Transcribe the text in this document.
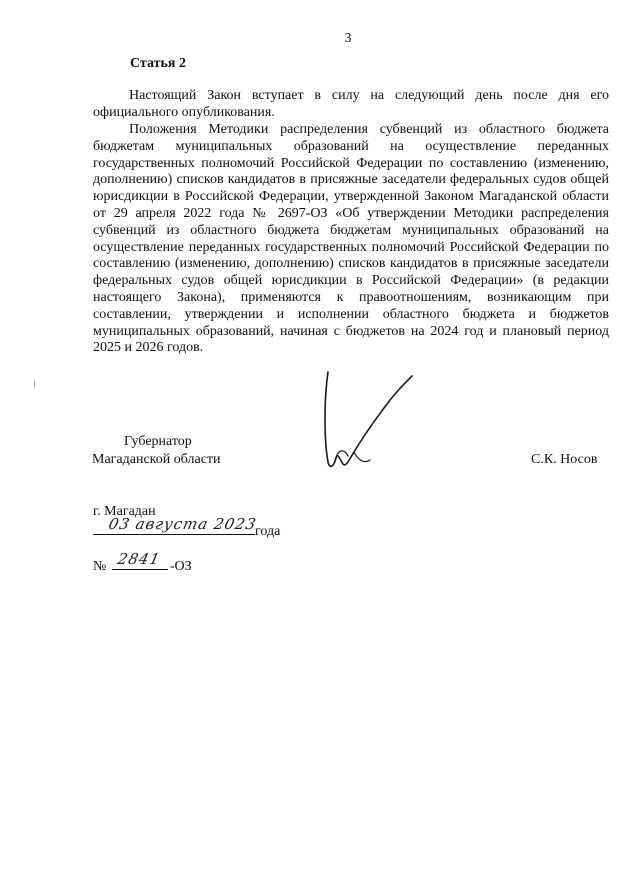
3
Статья 2

Настоящий Закон вступает в силу на следующий день после дня его официального опубликования.

Положения Методики распределения субвенций из областного бюджета бюджетам муниципальных образований на осуществление переданных государственных полномочий Российской Федерации по составлению (изменению, дополнению) списков кандидатов в присяжные заседатели федеральных судов общей юрисдикции в Российской Федерации, утвержденной Законом Магаданской области от 29 апреля 2022 года № 2697-ОЗ «Об утверждении Методики распределения субвенций из областного бюджета бюджетам муниципальных образований на осуществление переданных государственных полномочий Российской Федерации по составлению (изменению, дополнению) списков кандидатов в присяжные заседатели федеральных судов общей юрисдикции в Российской Федерации» (в редакции настоящего Закона), применяются к правоотношениям, возникающим при составлении, утверждении и исполнении областного бюджета и бюджетов муниципальных образований, начиная с бюджетов на 2024 год и плановый период 2025 и 2026 годов.

Губернатор
Магаданской области	С.К. Носов
г. Магадан
03 августа 2023
года
№ 2841 -ОЗ
